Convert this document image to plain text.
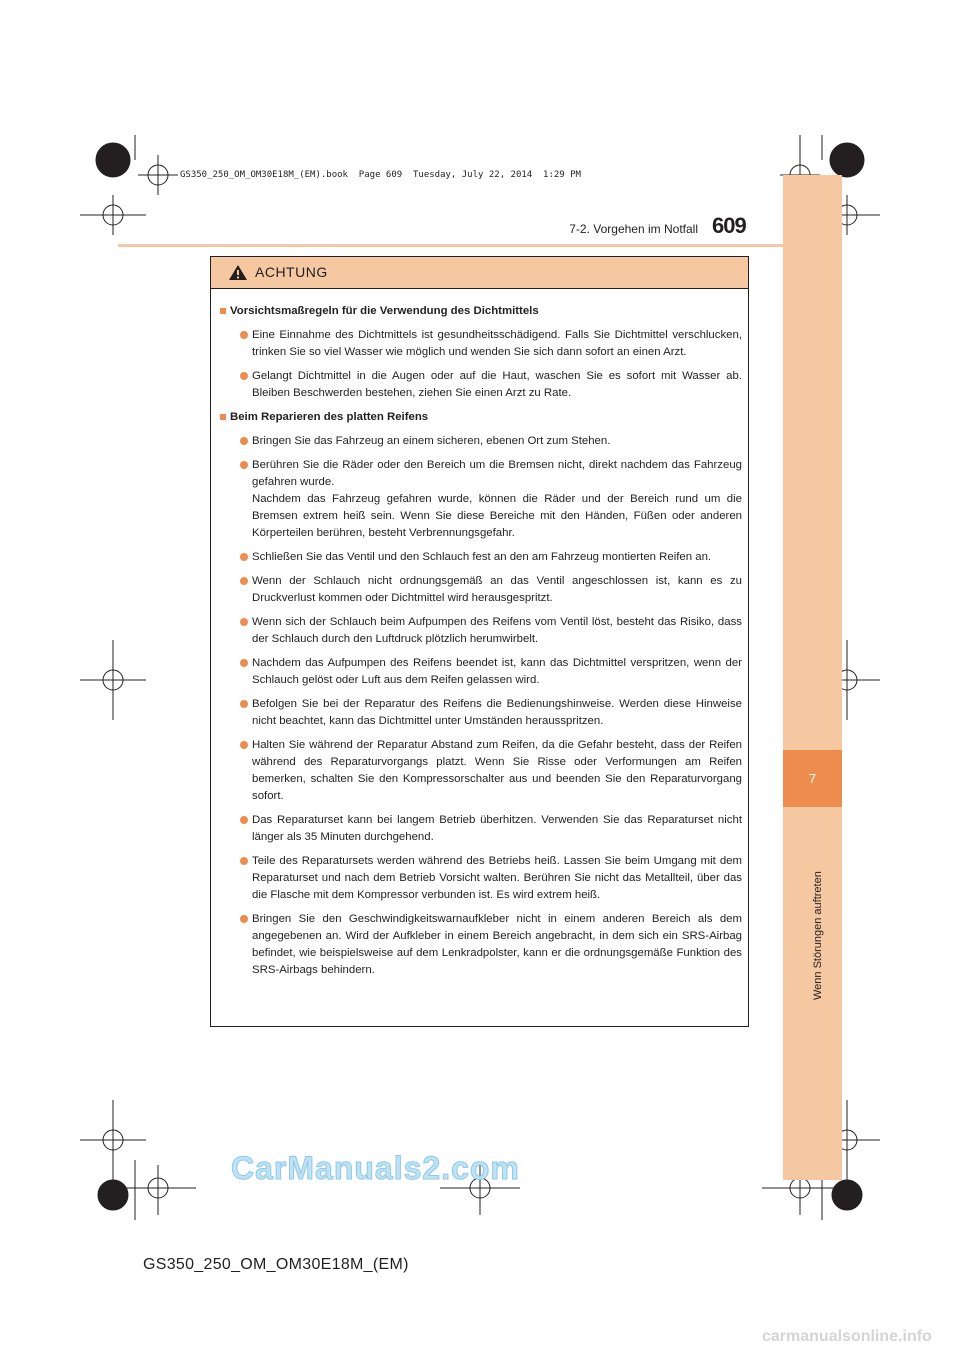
7
Wenn Störungen auftreten
GS350_250_OM_OM30E18M_(EM).book  Page 609  Tuesday, July 22, 2014  1:29 PM
7-2. Vorgehen im Notfall 609
ACHTUNG
Vorsichtsmaßregeln für die Verwendung des Dichtmittels

Eine Einnahme des Dichtmittels ist gesundheitsschädigend. Falls Sie Dichtmittel verschlucken, trinken Sie so viel Wasser wie möglich und wenden Sie sich dann sofort an einen Arzt.

Gelangt Dichtmittel in die Augen oder auf die Haut, waschen Sie es sofort mit Wasser ab. Bleiben Beschwerden bestehen, ziehen Sie einen Arzt zu Rate.

Beim Reparieren des platten Reifens

Bringen Sie das Fahrzeug an einem sicheren, ebenen Ort zum Stehen.

Berühren Sie die Räder oder den Bereich um die Bremsen nicht, direkt nachdem das Fahrzeug gefahren wurde.

Nachdem das Fahrzeug gefahren wurde, können die Räder und der Bereich rund um die Bremsen extrem heiß sein. Wenn Sie diese Bereiche mit den Händen, Füßen oder anderen Körperteilen berühren, besteht Verbrennungsgefahr.

Schließen Sie das Ventil und den Schlauch fest an den am Fahrzeug montierten Reifen an.

Wenn der Schlauch nicht ordnungsgemäß an das Ventil angeschlossen ist, kann es zu Druckverlust kommen oder Dichtmittel wird herausgespritzt.

Wenn sich der Schlauch beim Aufpumpen des Reifens vom Ventil löst, besteht das Risiko, dass der Schlauch durch den Luftdruck plötzlich herumwirbelt.

Nachdem das Aufpumpen des Reifens beendet ist, kann das Dichtmittel verspritzen, wenn der Schlauch gelöst oder Luft aus dem Reifen gelassen wird.

Befolgen Sie bei der Reparatur des Reifens die Bedienungshinweise. Werden diese Hinweise nicht beachtet, kann das Dichtmittel unter Umständen herausspritzen.

Halten Sie während der Reparatur Abstand zum Reifen, da die Gefahr besteht, dass der Reifen während des Reparaturvorgangs platzt. Wenn Sie Risse oder Verformungen am Reifen bemerken, schalten Sie den Kompressorschalter aus und beenden Sie den Reparaturvorgang sofort.

Das Reparaturset kann bei langem Betrieb überhitzen. Verwenden Sie das Reparaturset nicht länger als 35 Minuten durchgehend.

Teile des Reparatursets werden während des Betriebs heiß. Lassen Sie beim Umgang mit dem Reparaturset und nach dem Betrieb Vorsicht walten. Berühren Sie nicht das Metallteil, über das die Flasche mit dem Kompressor verbunden ist. Es wird extrem heiß.

Bringen Sie den Geschwindigkeitswarnaufkleber nicht in einem anderen Bereich als dem angegebenen an. Wird der Aufkleber in einem Bereich angebracht, in dem sich ein SRS-Airbag befindet, wie beispielsweise auf dem Lenkradpolster, kann er die ordnungsgemäße Funktion des SRS-Airbags behindern.

GS350_250_OM_OM30E18M_(EM)
CarManuals2.com
carmanualsonline.info
